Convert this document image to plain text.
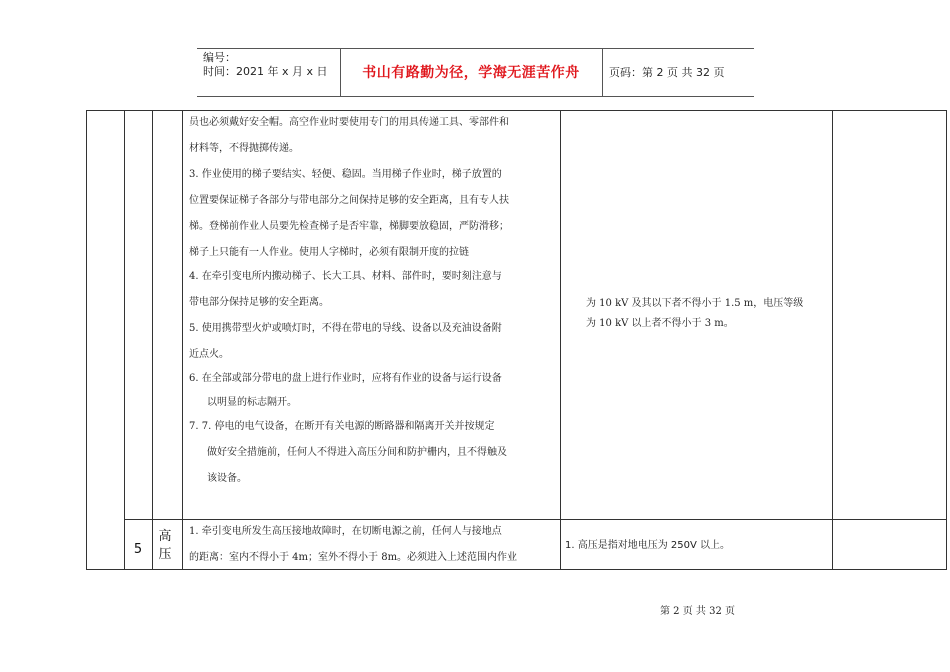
编号：
时间：2021 年 x 月 x 日	书山有路勤为径，学海无涯苦作舟	页码：第 2 页 共 32 页
员也必须戴好安全帽。高空作业时要使用专门的用具传递工具、零部件和
材料等，不得抛掷传递。
3. 作业使用的梯子要结实、轻便、稳固。当用梯子作业时，梯子放置的
位置要保证梯子各部分与带电部分之间保持足够的安全距离，且有专人扶
梯。登梯前作业人员要先检查梯子是否牢靠，梯脚要放稳固，严防滑移；
梯子上只能有一人作业。使用人字梯时，必须有限制开度的拉链
4. 在牵引变电所内搬动梯子、长大工具、材料、部件时，要时刻注意与
带电部分保持足够的安全距离。
5. 使用携带型火炉或喷灯时，不得在带电的导线、设备以及充油设备附
近点火。
6. 在全部或部分带电的盘上进行作业时，应将有作业的设备与运行设备
以明显的标志隔开。
7. 7. 停电的电气设备，在断开有关电源的断路器和隔离开关并按规定
做好安全措施前，任何人不得进入高压分间和防护栅内，且不得触及
该设备。
为 10 kV 及其以下者不得小于 1.5 m，电压等级
为 10 kV 以上者不得小于 3 m。
5
高压
1. 牵引变电所发生高压接地故障时，在切断电源之前，任何人与接地点
的距离：室内不得小于 4m；室外不得小于 8m。必须进入上述范围内作业
1. 高压是指对地电压为 250V 以上。
第 2 页 共 32 页
